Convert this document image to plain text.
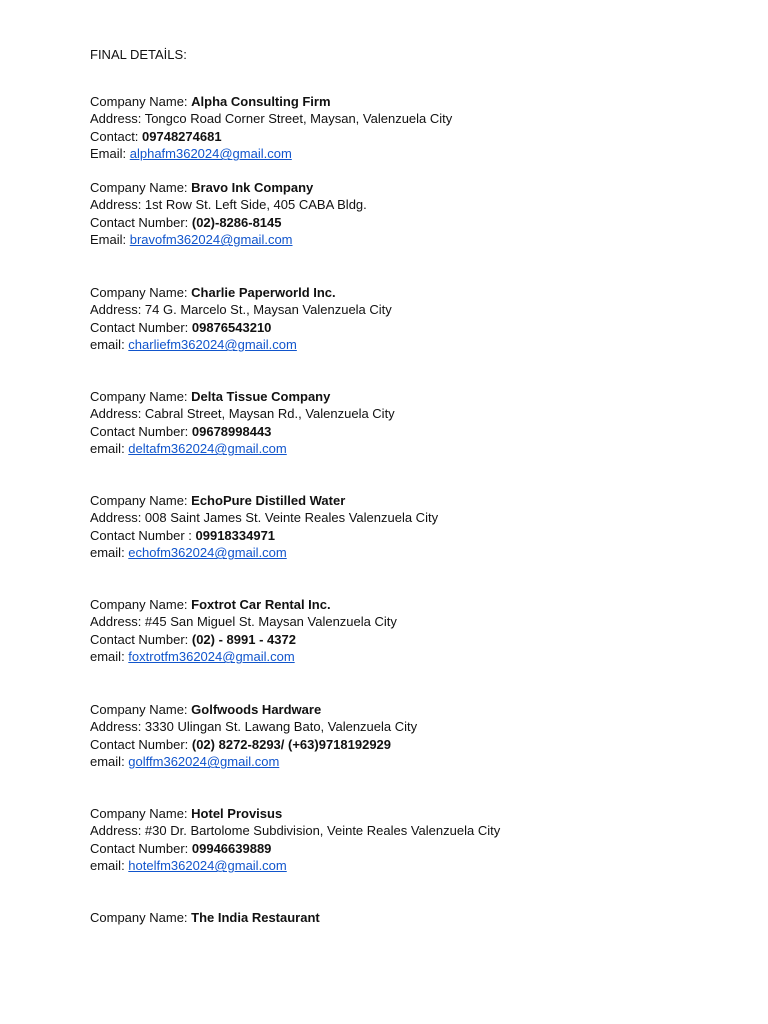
FINAL DETAİLS:
Company Name: Alpha Consulting Firm
Address: Tongco Road Corner Street, Maysan, Valenzuela City
Contact: 09748274681
Email: alphafm362024@gmail.com
Company Name: Bravo Ink Company
Address: 1st Row St. Left Side, 405 CABA Bldg.
Contact Number: (02)-8286-8145
Email: bravofm362024@gmail.com
Company Name: Charlie Paperworld Inc.
Address: 74 G. Marcelo St., Maysan Valenzuela City
Contact Number: 09876543210
email: charliefm362024@gmail.com
Company Name: Delta Tissue Company
Address: Cabral Street, Maysan Rd., Valenzuela City
Contact Number: 09678998443
email: deltafm362024@gmail.com
Company Name: EchoPure Distilled Water
Address: 008 Saint James St. Veinte Reales Valenzuela City
Contact Number : 09918334971
email: echofm362024@gmail.com
Company Name: Foxtrot Car Rental Inc.
Address: #45 San Miguel St. Maysan Valenzuela City
Contact Number: (02) - 8991 - 4372
email: foxtrotfm362024@gmail.com
Company Name: Golfwoods Hardware
Address: 3330 Ulingan St. Lawang Bato, Valenzuela City
Contact Number: (02) 8272-8293/ (+63)9718192929
email: golffm362024@gmail.com
Company Name: Hotel Provisus
Address: #30 Dr. Bartolome Subdivision, Veinte Reales Valenzuela City
Contact Number: 09946639889
email: hotelfm362024@gmail.com
Company Name: The India Restaurant
